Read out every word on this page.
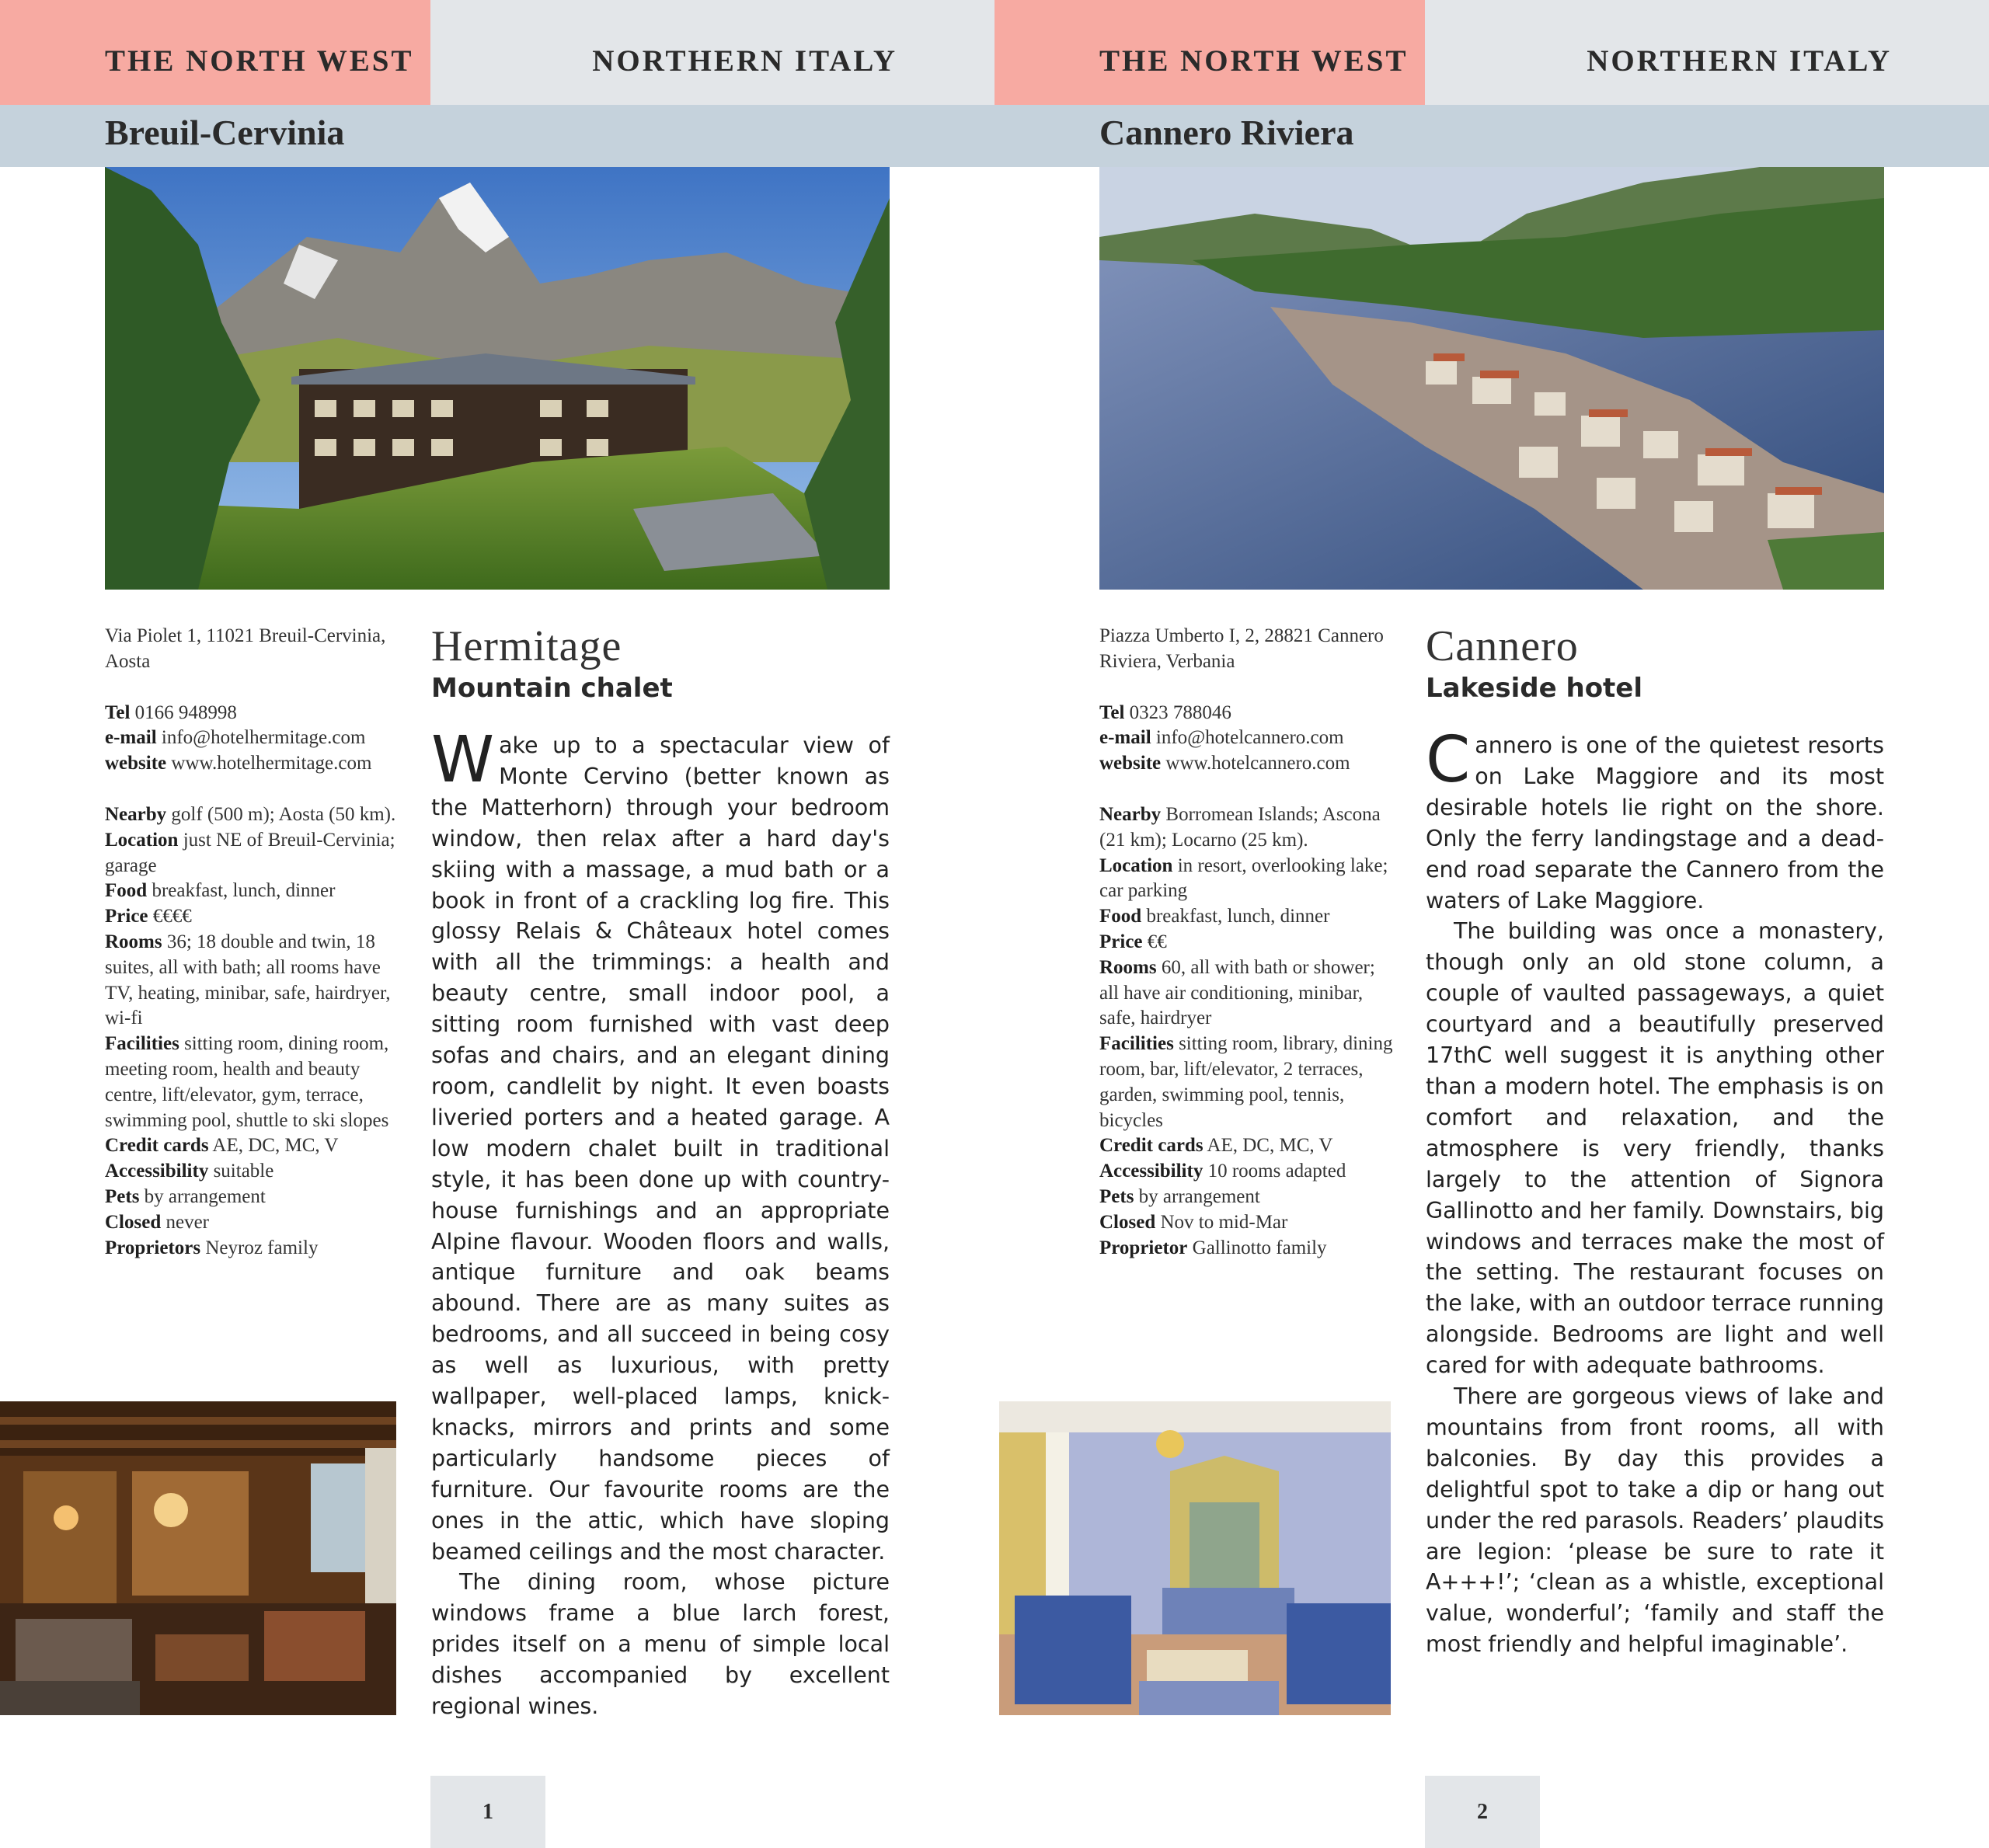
THE NORTH WEST	NORTHERN ITALY
Breuil-Cervinia
Via Piolet 1, 11021 Breuil-Cervinia, Aosta
Tel 0166 948998
e-mail info@hotelhermitage.com
website www.hotelhermitage.com
Nearby golf (500 m); Aosta (50 km).
Location just NE of Breuil-Cervinia; garage
Food breakfast, lunch, dinner
Price €€€€
Rooms 36; 18 double and twin, 18 suites, all with bath; all rooms have TV, heating, minibar, safe, hairdryer, wi-fi
Facilities sitting room, dining room, meeting room, health and beauty centre, lift/elevator, gym, terrace, swimming pool, shuttle to ski slopes
Credit cards AE, DC, MC, V
Accessibility suitable
Pets by arrangement
Closed never
Proprietors Neyroz family
Hermitage
Mountain chalet

Wake up to a spectacular view of Monte Cervino (better known as the Matterhorn) through your bedroom window, then relax after a hard day's skiing with a massage, a mud bath or a book in front of a crackling log fire. This glossy Relais & Châteaux hotel comes with all the trimmings: a health and beauty centre, small indoor pool, a sitting room furnished with vast deep sofas and chairs, and an elegant dining room, candlelit by night. It even boasts liveried porters and a heated garage. A low modern chalet built in traditional style, it has been done up with country-house furnishings and an appropriate Alpine flavour. Wooden floors and walls, antique furniture and oak beams abound. There are as many suites as bedrooms, and all succeed in being cosy as well as luxurious, with pretty wallpaper, well-placed lamps, knick-knacks, mirrors and prints and some particularly handsome pieces of furniture. Our favourite rooms are the ones in the attic, which have sloping beamed ceilings and the most character.

The dining room, whose picture windows frame a blue larch forest, prides itself on a menu of simple local dishes accompanied by excellent regional wines.

1
THE NORTH WEST	NORTHERN ITALY
Cannero Riviera
Piazza Umberto I, 2, 28821 Cannero Riviera, Verbania
Tel 0323 788046
e-mail info@hotelcannero.com
website www.hotelcannero.com
Nearby Borromean Islands; Ascona (21 km); Locarno (25 km).
Location in resort, overlooking lake; car parking
Food breakfast, lunch, dinner
Price €€
Rooms 60, all with bath or shower; all have air conditioning, minibar, safe, hairdryer
Facilities sitting room, library, dining room, bar, lift/elevator, 2 terraces, garden, swimming pool, tennis, bicycles
Credit cards AE, DC, MC, V
Accessibility 10 rooms adapted
Pets by arrangement
Closed Nov to mid-Mar
Proprietor Gallinotto family
Cannero
Lakeside hotel

Cannero is one of the quietest resorts on Lake Maggiore and its most desirable hotels lie right on the shore. Only the ferry landingstage and a dead-end road separate the Cannero from the waters of Lake Maggiore.

The building was once a monastery, though only an old stone column, a couple of vaulted passageways, a quiet courtyard and a beautifully preserved 17thC well suggest it is anything other than a modern hotel. The emphasis is on comfort and relaxation, and the atmosphere is very friendly, thanks largely to the attention of Signora Gallinotto and her family. Downstairs, big windows and terraces make the most of the setting. The restaurant focuses on the lake, with an outdoor terrace running alongside. Bedrooms are light and well cared for with adequate bathrooms.

There are gorgeous views of lake and mountains from front rooms, all with balconies. By day this provides a delightful spot to take a dip or hang out under the red parasols. Readers’ plaudits are legion: ‘please be sure to rate it A+++!’; ‘clean as a whistle, exceptional value, wonderful’; ‘family and staff the most friendly and helpful imaginable’.

2
